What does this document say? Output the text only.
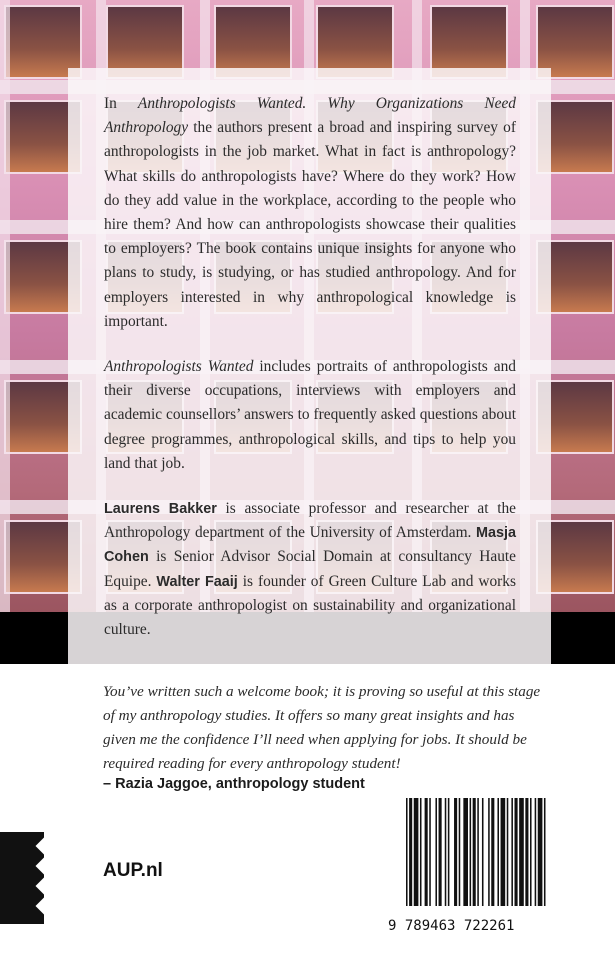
In Anthropologists Wanted. Why Organizations Need Anthropology the authors present a broad and inspiring survey of anthropologists in the job market. What in fact is anthropology? What skills do anthropologists have? Where do they work? How do they add value in the workplace, according to the people who hire them? And how can anthropologists showcase their qualities to employers? The book contains unique insights for anyone who plans to study, is studying, or has studied anthropology. And for employers interested in why anthropological knowledge is important.

Anthropologists Wanted includes portraits of anthropologists and their diverse occupations, interviews with employers and academic counsellors’ answers to frequently asked questions about degree programmes, anthropological skills, and tips to help you land that job.

Laurens Bakker is associate professor and researcher at the Anthropology department of the University of Amsterdam. Masja Cohen is Senior Advisor Social Domain at consultancy Haute Equipe. Walter Faaij is founder of Green Culture Lab and works as a corporate anthropologist on sustainability and organizational culture.

You’ve written such a welcome book; it is proving so useful at this stage of my anthropology studies. It offers so many great insights and has given me the confidence I’ll need when applying for jobs. It should be required reading for every anthropology student!
– Razia Jaggoe, anthropology student
AUP.nl
9 789463 722261
